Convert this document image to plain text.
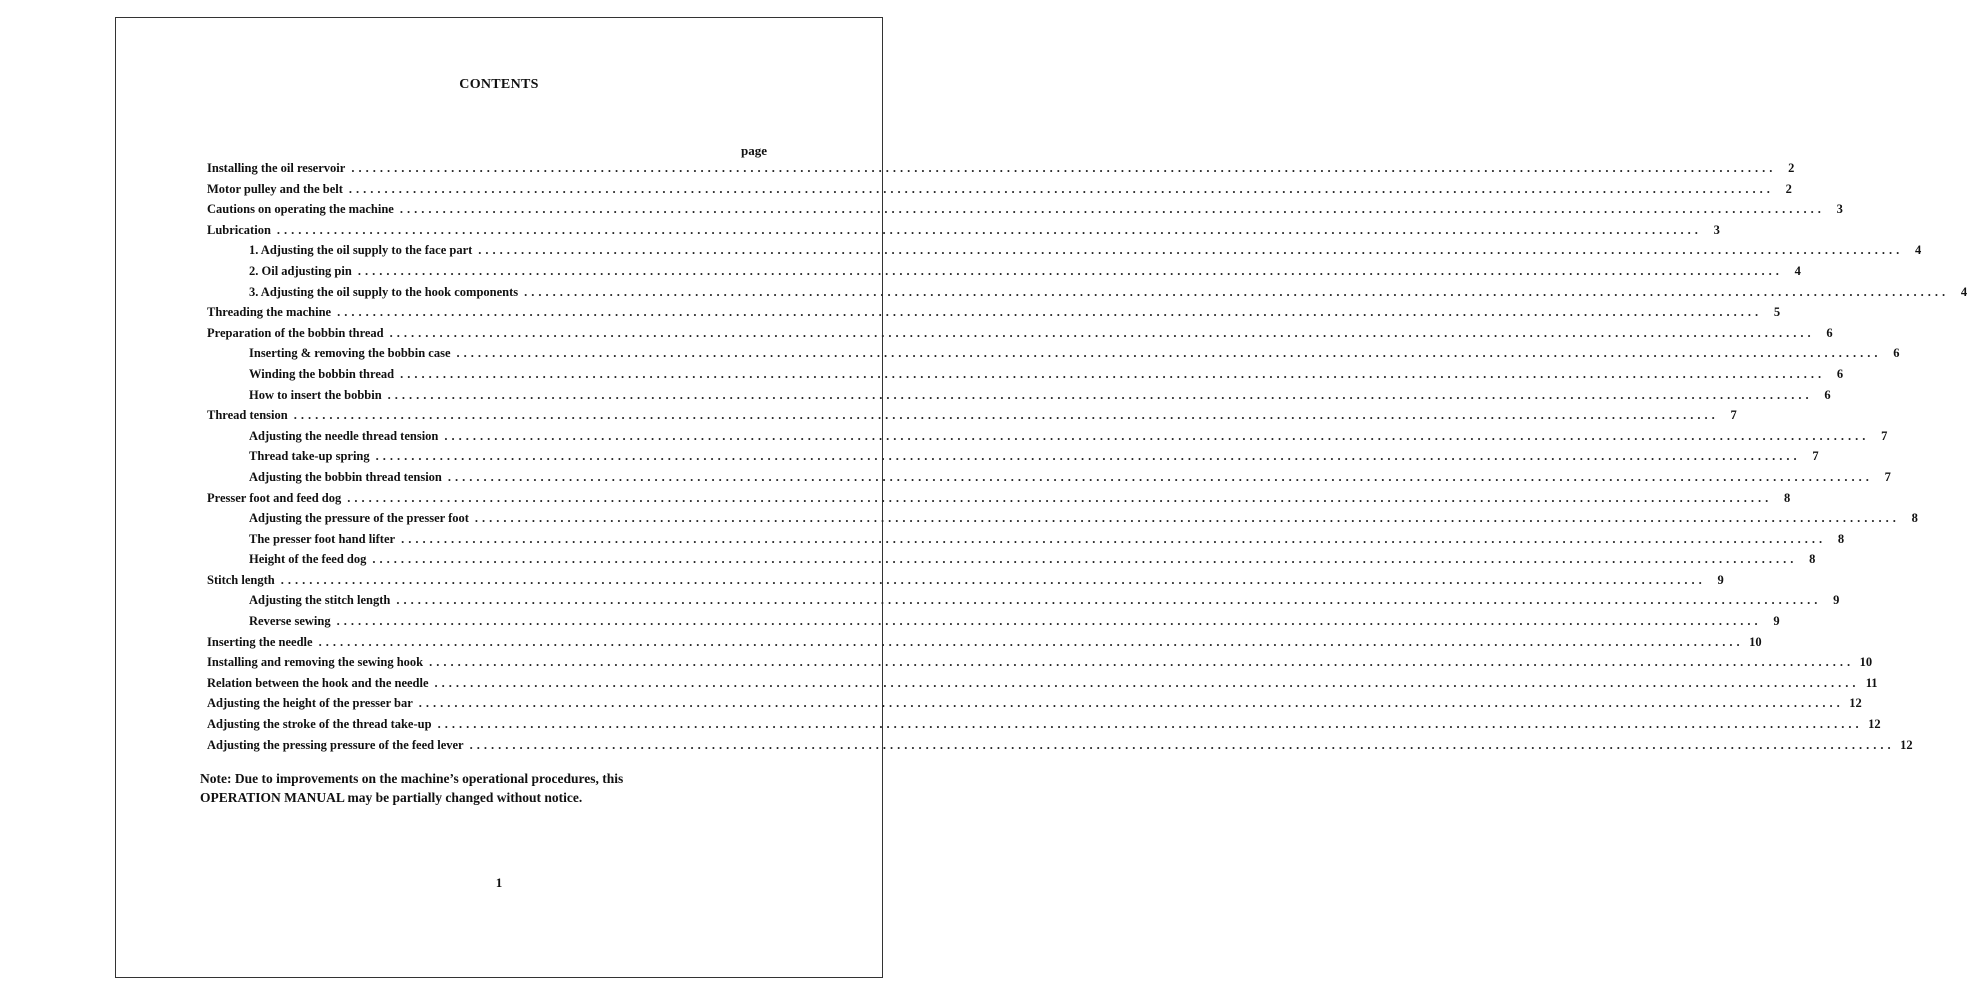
CONTENTS
page
Installing the oil reservoir ........................................................................................................................................................................................................ 2
Motor pulley and the belt ........................................................................................................................................................................................................ 2
Cautions on operating the machine ........................................................................................................................................................................................................ 3
Lubrication ........................................................................................................................................................................................................ 3
1. Adjusting the oil supply to the face part ........................................................................................................................................................................................................ 4
2. Oil adjusting pin ........................................................................................................................................................................................................ 4
3. Adjusting the oil supply to the hook components ........................................................................................................................................................................................................ 4
Threading the machine ........................................................................................................................................................................................................ 5
Preparation of the bobbin thread ........................................................................................................................................................................................................ 6
Inserting & removing the bobbin case ........................................................................................................................................................................................................ 6
Winding the bobbin thread ........................................................................................................................................................................................................ 6
How to insert the bobbin ........................................................................................................................................................................................................ 6
Thread tension ........................................................................................................................................................................................................ 7
Adjusting the needle thread tension ........................................................................................................................................................................................................ 7
Thread take-up spring ........................................................................................................................................................................................................ 7
Adjusting the bobbin thread tension ........................................................................................................................................................................................................ 7
Presser foot and feed dog ........................................................................................................................................................................................................ 8
Adjusting the pressure of the presser foot ........................................................................................................................................................................................................ 8
The presser foot hand lifter ........................................................................................................................................................................................................ 8
Height of the feed dog ........................................................................................................................................................................................................ 8
Stitch length ........................................................................................................................................................................................................ 9
Adjusting the stitch length ........................................................................................................................................................................................................ 9
Reverse sewing ........................................................................................................................................................................................................ 9
Inserting the needle ........................................................................................................................................................................................................ 10
Installing and removing the sewing hook ........................................................................................................................................................................................................ 10
Relation between the hook and the needle ........................................................................................................................................................................................................ 11
Adjusting the height of the presser bar ........................................................................................................................................................................................................ 12
Adjusting the stroke of the thread take-up ........................................................................................................................................................................................................ 12
Adjusting the pressing pressure of the feed lever ........................................................................................................................................................................................................ 12
Note: Due to improvements on the machine’s operational procedures, this
OPERATION MANUAL may be partially changed without notice.
1
